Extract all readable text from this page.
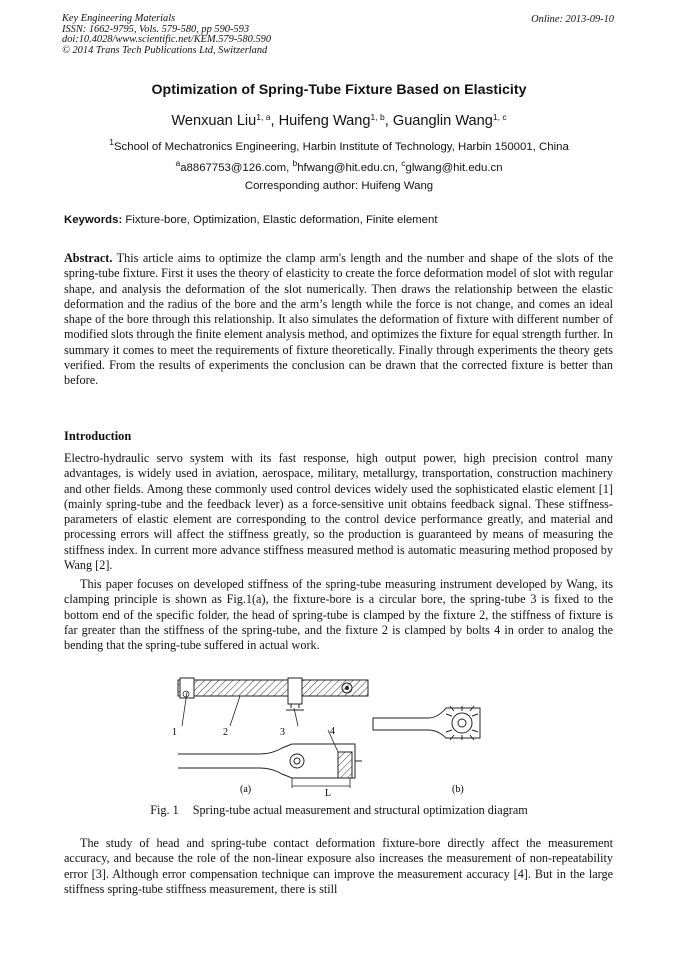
Key Engineering Materials
ISSN: 1662-9795, Vols. 579-580, pp 590-593
doi:10.4028/www.scientific.net/KEM.579-580.590
© 2014 Trans Tech Publications Ltd, Switzerland
Online: 2013-09-10
Optimization of Spring-Tube Fixture Based on Elasticity
Wenxuan Liu$^{1, a}$, Huifeng Wang$^{1, b}$, Guanglin Wang$^{1, c}$
$^1$School of Mechatronics Engineering, Harbin Institute of Technology, Harbin 150001, China
$^a$a8867753@126.com, $^b$hfwang@hit.edu.cn, $^c$glwang@hit.edu.cn
Corresponding author: Huifeng Wang
Keywords: Fixture-bore, Optimization, Elastic deformation, Finite element
Abstract. This article aims to optimize the clamp arm's length and the number and shape of the slots of the spring-tube fixture. First it uses the theory of elasticity to create the force deformation model of slot with regular shape, and analysis the deformation of the slot numerically. Then draws the relationship between the elastic deformation and the radius of the bore and the arm’s length while the force is not change, and comes an ideal shape of the bore through this relationship. It also simulates the deformation of fixture with different number of modified slots through the finite element analysis method, and optimizes the fixture for equal strength further. In summary it comes to meet the requirements of fixture theoretically. Finally through experiments the theory gets verified. From the results of experiments the conclusion can be drawn that the corrected fixture is better than before.
Introduction
Electro-hydraulic servo system with its fast response, high output power, high precision control many advantages, is widely used in aviation, aerospace, military, metallurgy, transportation, construction machinery and other fields. Among these commonly used control devices widely used the sophisticated elastic element [1] (mainly spring-tube and the feedback lever) as a force-sensitive unit obtains feedback signal. These stiffness-parameters of elastic element are corresponding to the control device performance greatly, and material and processing errors will affect the stiffness greatly, so the production is guaranteed by means of measuring the stiffness index. In current more advance stiffness measured method is automatic measuring method proposed by Wang [2].
This paper focuses on developed stiffness of the spring-tube measuring instrument developed by Wang, its clamping principle is shown as Fig.1(a), the fixture-bore is a circular bore, the spring-tube 3 is fixed to the bottom end of the specific folder, the head of spring-tube is clamped by the fixture 2, the stiffness of fixture is far greater than the stiffness of the spring-tube, and the fixture 2 is clamped by bolts 4 in order to analog the bending that the spring-tube suffered in actual work.
1	2	3	4
L
(a)	(b)
Fig. 1 Spring-tube actual measurement and structural optimization diagram
The study of head and spring-tube contact deformation fixture-bore directly affect the measurement accuracy, and because the role of the non-linear exposure also increases the measurement of non-repeatability error [3]. Although error compensation technique can improve the measurement accuracy [4]. But in the large stiffness spring-tube stiffness measurement, there is still
